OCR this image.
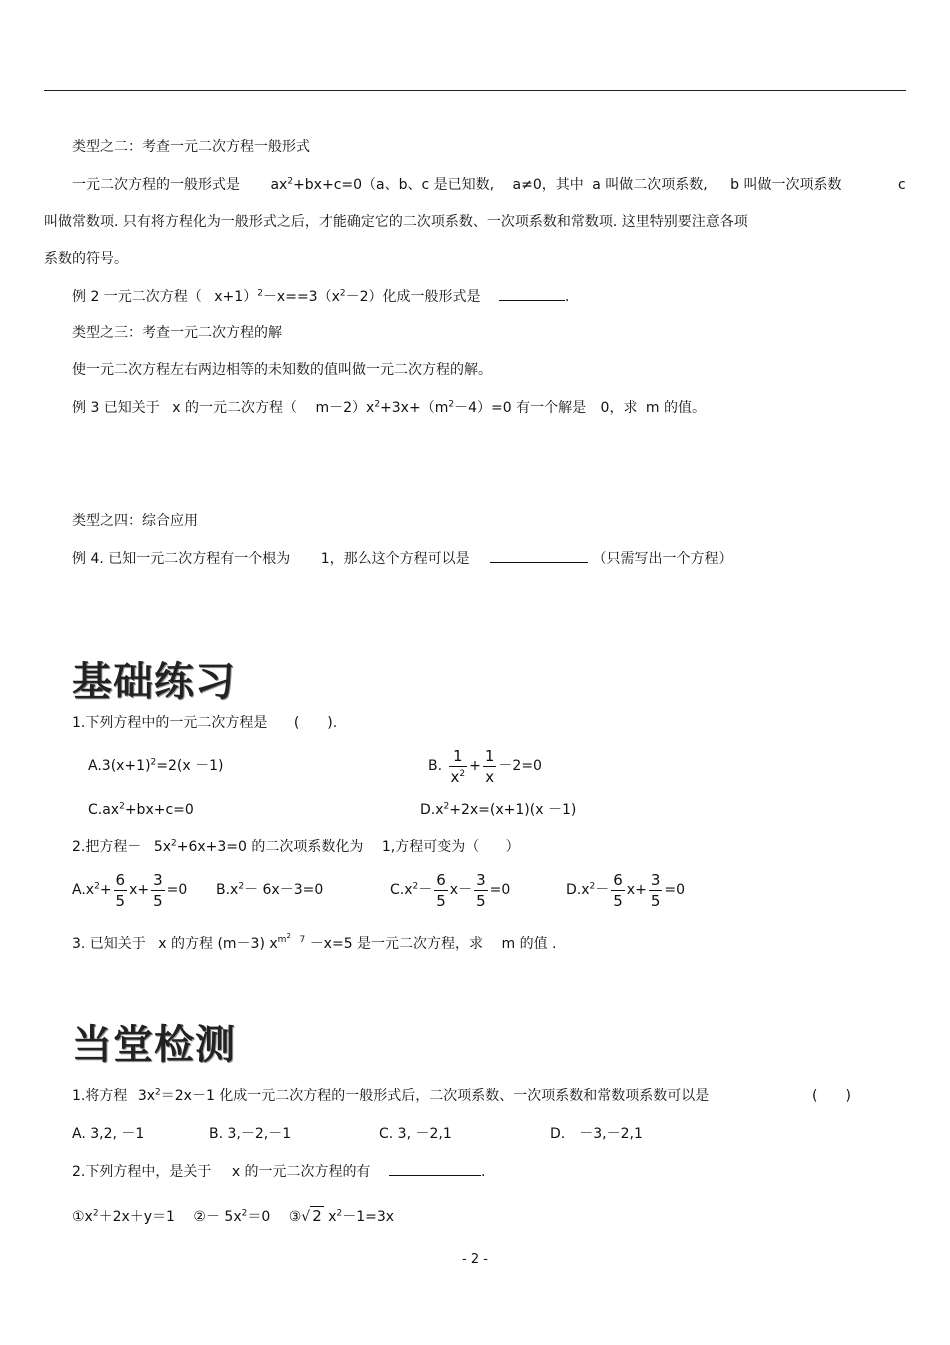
类型之二：考查一元二次方程一般形式
一元二次方程的一般形式是 $ax^2+bx+c=0(a$、b、c 是已知数, a≠0，其中 a 叫做二次项系数, b 叫做一次项系数	c
叫做常数项. 只有将方程化为一般形式之后，才能确定它的二次项系数、一次项系数和常数项. 这里特别要注意各项
系数的符号。
例 2 一元二次方程（ $x+1)^2-x==3(x^2-2)$化成一般形式是	.
类型之三：考查一元二次方程的解
使一元二次方程左右两边相等的未知数的值叫做一元二次方程的解。
例 3 已知关于 x 的一元二次方程（ $m-2)x^2+3x+(m^2-4)=0$ 有一个解是 0，求 m 的值。
类型之四：综合应用
例 4. 已知一元二次方程有一个根为 1，那么这个方程可以是	（只需写出一个方程）
基础练习
1.下列方程中的一元二次方程是 (　　).
$A.3(x+1)^2=2(x -1)$	B. $\frac{1}{x^2} + \frac{1}{x} -2=0$
$C.ax^2+bx+c=0$	$D.x^2+2x=(x+1)(x -1)$
2.把方程－ $5x^2+6x+3=0$ 的二次项系数化为 1,方程可变为（ ）
$A.x^2+ \frac{6}{5} x+ \frac{3}{5} =0$ $B.x^2- 6x-3=0$	$C.x^2- \frac{6}{5} x- \frac{3}{5} =0$	$D.x^2- \frac{6}{5} x+ \frac{3}{5} =0$
3. 已知关于 x 的方程 (m－3) $x^{m^2 7} -x=5$ 是一元二次方程，求 m 的值 .
当堂检测
1.将方程 $3x^2=2x-1$ 化成一元二次方程的一般形式后，二次项系数、一次项系数和常数项系数可以是	(　　)
A. 3,2, －1	B. 3,－2,－1	C. 3, －2,1	D.　－3,－2,1
2.下列方程中，是关于 x 的一元二次方程的有	.
$①x^2+2x+y=1$ ②－ $5x^2=0$ ③√ 2 $x^2-1=3x$
- 2 -
